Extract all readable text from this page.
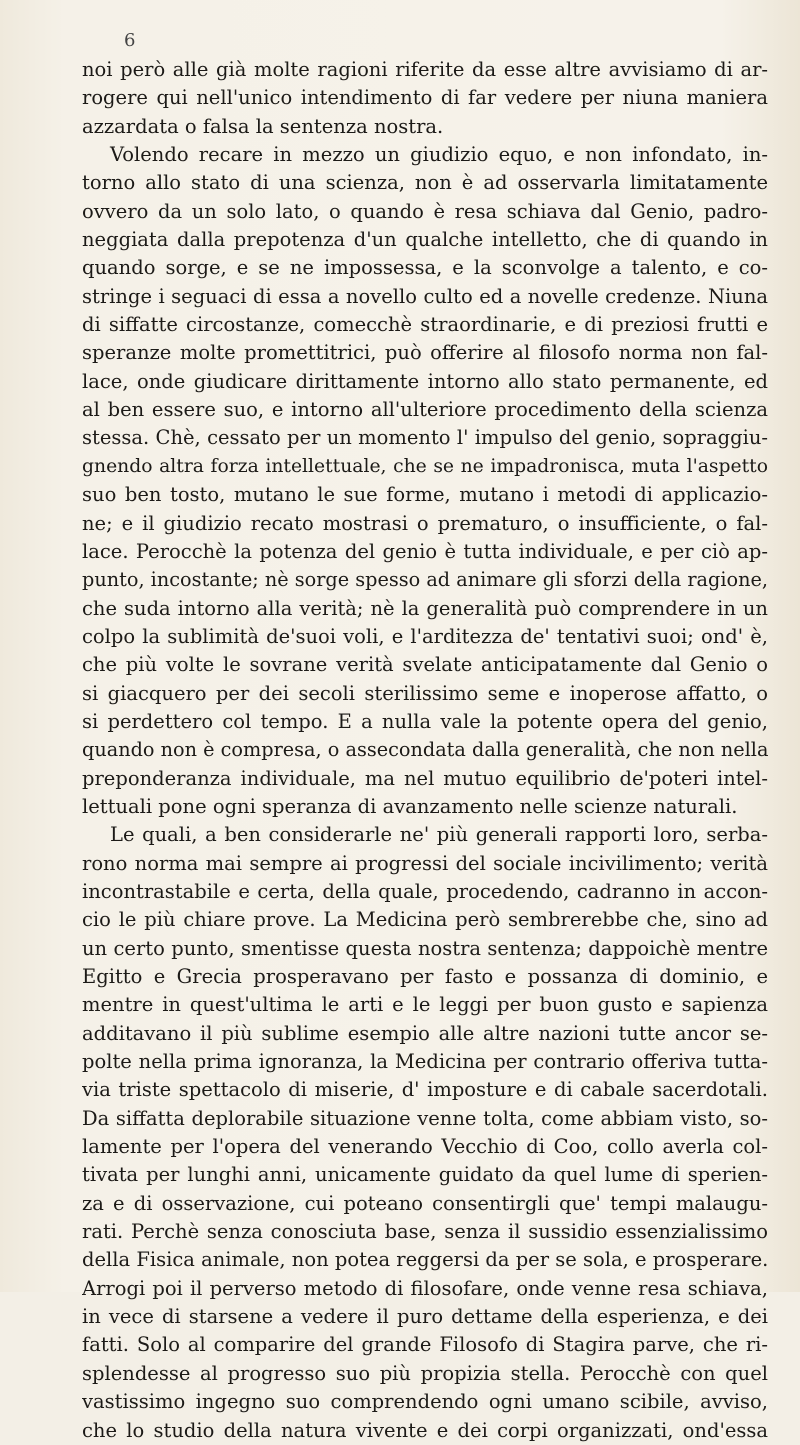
6
noi però alle già molte ragioni riferite da esse altre avvisiamo di ar-
rogere qui nell'unico intendimento di far vedere per niuna maniera
azzardata o falsa la sentenza nostra.
Volendo recare in mezzo un giudizio equo, e non infondato, in-
torno allo stato di una scienza, non è ad osservarla limitatamente
ovvero da un solo lato, o quando è resa schiava dal Genio, padro-
neggiata dalla prepotenza d'un qualche intelletto, che di quando in
quando sorge, e se ne impossessa, e la sconvolge a talento, e co-
stringe i seguaci di essa a novello culto ed a novelle credenze. Niuna
di siffatte circostanze, comecchè straordinarie, e di preziosi frutti e
speranze molte promettitrici, può offerire al filosofo norma non fal-
lace, onde giudicare dirittamente intorno allo stato permanente, ed
al ben essere suo, e intorno all'ulteriore procedimento della scienza
stessa. Chè, cessato per un momento l' impulso del genio, sopraggiu-
gnendo altra forza intellettuale, che se ne impadronisca, muta l'aspetto
suo ben tosto, mutano le sue forme, mutano i metodi di applicazio-
ne; e il giudizio recato mostrasi o prematuro, o insufficiente, o fal-
lace. Perocchè la potenza del genio è tutta individuale, e per ciò ap-
punto, incostante; nè sorge spesso ad animare gli sforzi della ragione,
che suda intorno alla verità; nè la generalità può comprendere in un
colpo la sublimità de'suoi voli, e l'arditezza de' tentativi suoi; ond' è,
che più volte le sovrane verità svelate anticipatamente dal Genio o
si giacquero per dei secoli sterilissimo seme e inoperose affatto, o
si perdettero col tempo. E a nulla vale la potente opera del genio,
quando non è compresa, o assecondata dalla generalità, che non nella
preponderanza individuale, ma nel mutuo equilibrio de'poteri intel-
lettuali pone ogni speranza di avanzamento nelle scienze naturali.
Le quali, a ben considerarle ne' più generali rapporti loro, serba-
rono norma mai sempre ai progressi del sociale incivilimento; verità
incontrastabile e certa, della quale, procedendo, cadranno in accon-
cio le più chiare prove. La Medicina però sembrerebbe che, sino ad
un certo punto, smentisse questa nostra sentenza; dappoichè mentre
Egitto e Grecia prosperavano per fasto e possanza di dominio, e
mentre in quest'ultima le arti e le leggi per buon gusto e sapienza
additavano il più sublime esempio alle altre nazioni tutte ancor se-
polte nella prima ignoranza, la Medicina per contrario offeriva tutta-
via triste spettacolo di miserie, d' imposture e di cabale sacerdotali.
Da siffatta deplorabile situazione venne tolta, come abbiam visto, so-
lamente per l'opera del venerando Vecchio di Coo, collo averla col-
tivata per lunghi anni, unicamente guidato da quel lume di sperien-
za e di osservazione, cui poteano consentirgli que' tempi malaugu-
rati. Perchè senza conosciuta base, senza il sussidio essenzialissimo
della Fisica animale, non potea reggersi da per se sola, e prosperare.
Arrogi poi il perverso metodo di filosofare, onde venne resa schiava,
in vece di starsene a vedere il puro dettame della esperienza, e dei
fatti. Solo al comparire del grande Filosofo di Stagira parve, che ri-
splendesse al progresso suo più propizia stella. Perocchè con quel
vastissimo ingegno suo comprendendo ogni umano scibile, avviso,
che lo studio della natura vivente e dei corpi organizzati, ond'essa
